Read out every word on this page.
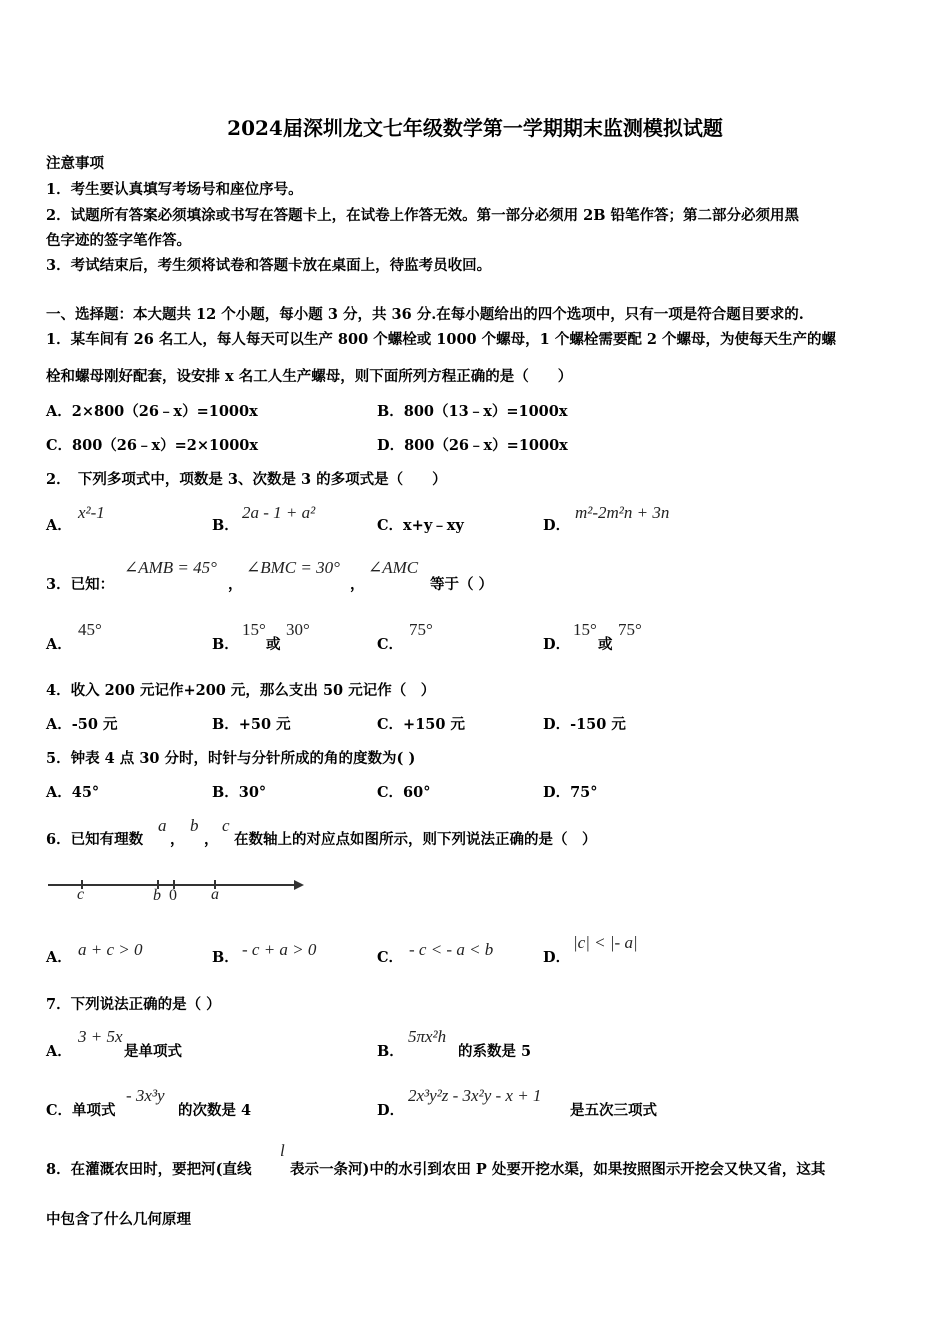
2024届深圳龙文七年级数学第一学期期末监测模拟试题
注意事项
1．考生要认真填写考场号和座位序号。
2．试题所有答案必须填涂或书写在答题卡上，在试卷上作答无效。第一部分必须用 2B 铅笔作答；第二部分必须用黑
色字迹的签字笔作答。
3．考试结束后，考生须将试卷和答题卡放在桌面上，待监考员收回。
一、选择题：本大题共 12 个小题，每小题 3 分，共 36 分.在每小题给出的四个选项中，只有一项是符合题目要求的.
1．某车间有 26 名工人，每人每天可以生产 800 个螺栓或 1000 个螺母，1 个螺栓需要配 2 个螺母，为使每天生产的螺
栓和螺母刚好配套，设安排 x 名工人生产螺母，则下面所列方程正确的是（　　）
A．2×800（26﹣x）=1000x	B．800（13﹣x）=1000x
C．800（26﹣x）=2×1000x	D．800（26﹣x）=1000x
2．　下列多项式中，项数是 3、次数是 3 的多项式是（　　）
A．
x²-1
B．
2a - 1 + a²
C．x+y﹣xy	D．
m²-2m²n + 3n
3．已知：
∠AMB = 45°
，
∠BMC = 30°
，
∠AMC
等于（ ）
A．
45°
B．
15°
或
30°
C．
75°
D．
15°
或
75°
4．收入 200 元记作+200 元，那么支出 50 元记作（　）
A．-50 元	B．+50 元	C．+150 元	D．-150 元
5．钟表 4 点 30 分时，时针与分针所成的角的度数为( )
A．45°	B．30°	C．60°	D．75°
6．已知有理数
a
，
b
，
c
在数轴上的对应点如图所示，则下列说法正确的是（　）
c	b 0 a
A． a + c > 0	B． - c + a > 0	C． - c < - a < b	D．
|c| < |- a|
7．下列说法正确的是（ ）
A．
3 + 5x
是单项式	B．
5πx²h
的系数是 5
C．单项式
- 3x³y
的次数是 4	D．
2x³y²z - 3x²y - x + 1
是五次三项式
8．在灌溉农田时，要把河(直线
l
表示一条河)中的水引到农田 P 处要开挖水渠，如果按照图示开挖会又快又省，这其
中包含了什么几何原理
